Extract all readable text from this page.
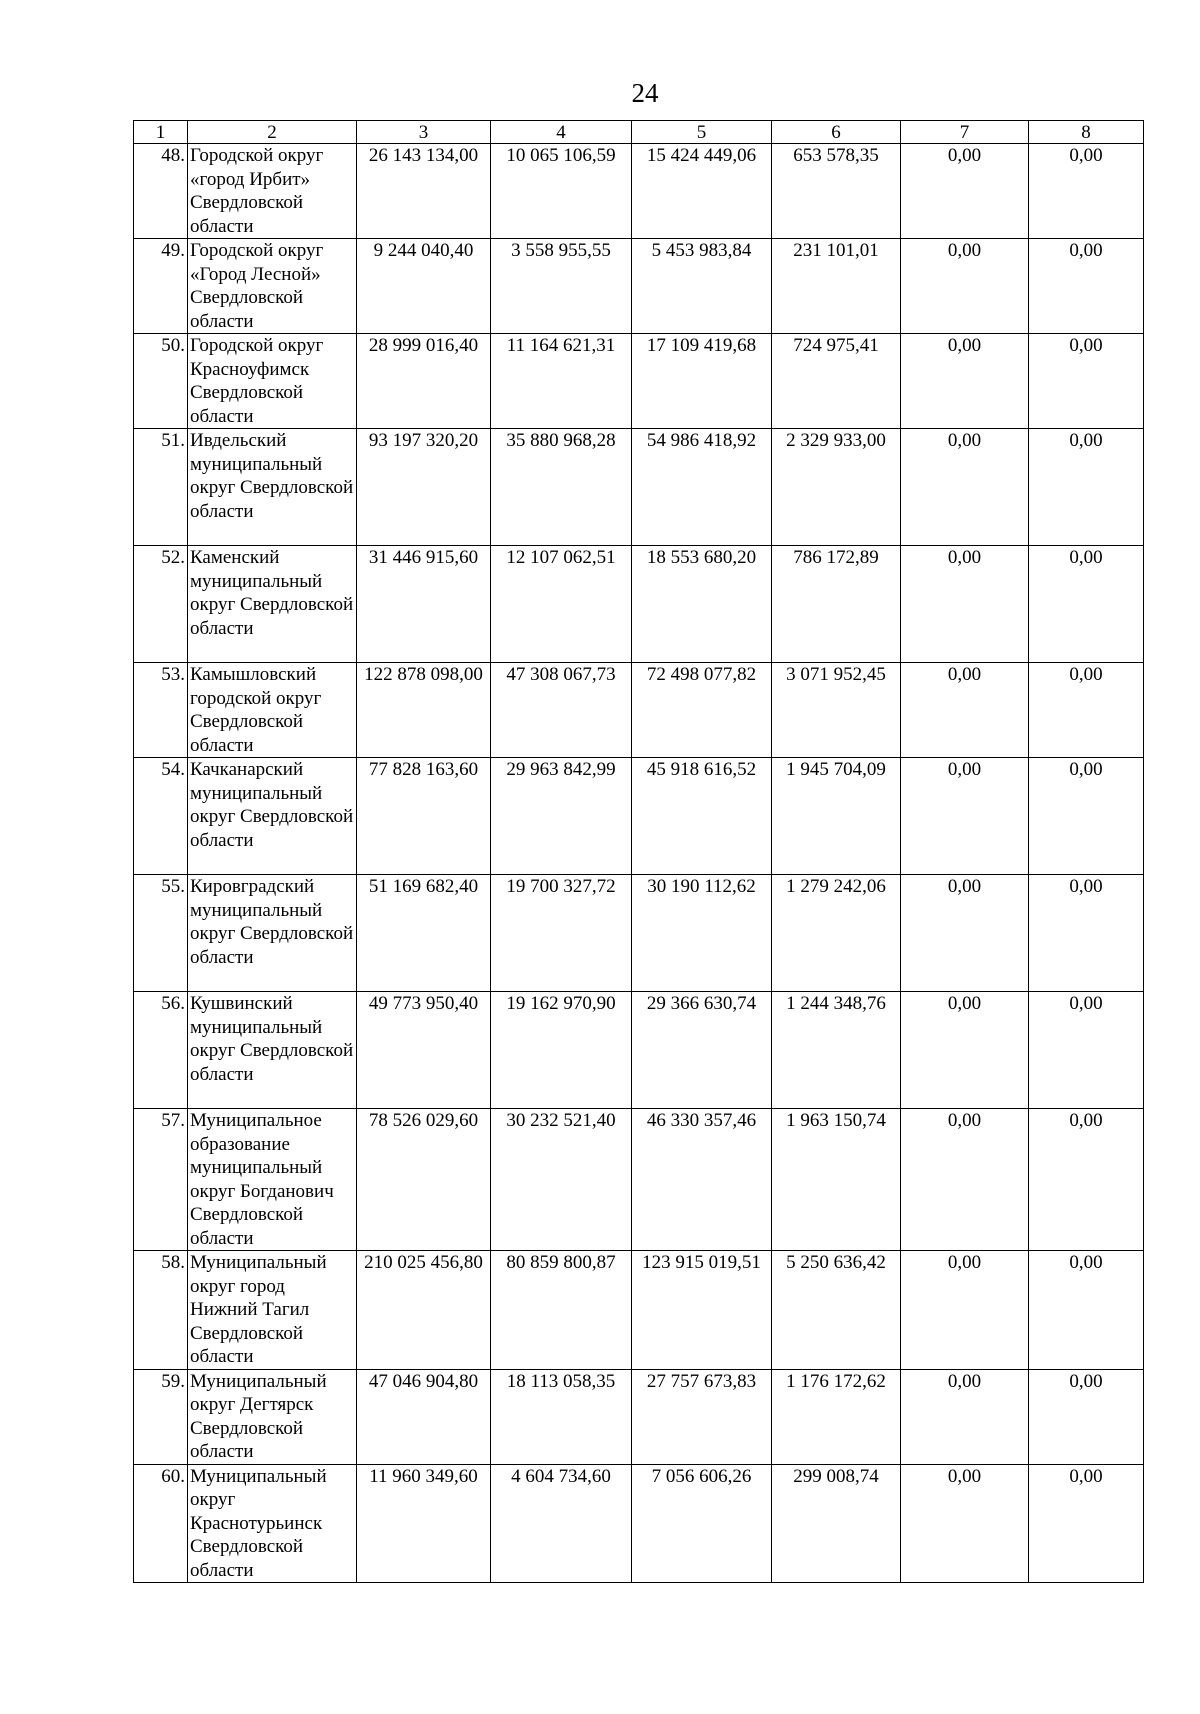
24
1	2	3	4	5	6	7	8
48.	Городской округ «город Ирбит» Свердловской области	26 143 134,00	10 065 106,59	15 424 449,06	653 578,35	0,00	0,00
49.	Городской округ «Город Лесной» Свердловской области	9 244 040,40	3 558 955,55	5 453 983,84	231 101,01	0,00	0,00
50.	Городской округ Красноуфимск Свердловской области	28 999 016,40	11 164 621,31	17 109 419,68	724 975,41	0,00	0,00
51.	Ивдельский муниципальный округ Свердловской области	93 197 320,20	35 880 968,28	54 986 418,92	2 329 933,00	0,00	0,00
52.	Каменский муниципальный округ Свердловской области	31 446 915,60	12 107 062,51	18 553 680,20	786 172,89	0,00	0,00
53.	Камышловский городской округ Свердловской области	122 878 098,00	47 308 067,73	72 498 077,82	3 071 952,45	0,00	0,00
54.	Качканарский муниципальный округ Свердловской области	77 828 163,60	29 963 842,99	45 918 616,52	1 945 704,09	0,00	0,00
55.	Кировградский муниципальный округ Свердловской области	51 169 682,40	19 700 327,72	30 190 112,62	1 279 242,06	0,00	0,00
56.	Кушвинский муниципальный округ Свердловской области	49 773 950,40	19 162 970,90	29 366 630,74	1 244 348,76	0,00	0,00
57.	Муниципальное образование муниципальный округ Богданович Свердловской области	78 526 029,60	30 232 521,40	46 330 357,46	1 963 150,74	0,00	0,00
58.	Муниципальный округ город Нижний Тагил Свердловской области	210 025 456,80	80 859 800,87	123 915 019,51	5 250 636,42	0,00	0,00
59.	Муниципальный округ Дегтярск Свердловской области	47 046 904,80	18 113 058,35	27 757 673,83	1 176 172,62	0,00	0,00
60.	Муниципальный округ Краснотурьинск Свердловской области	11 960 349,60	4 604 734,60	7 056 606,26	299 008,74	0,00	0,00
